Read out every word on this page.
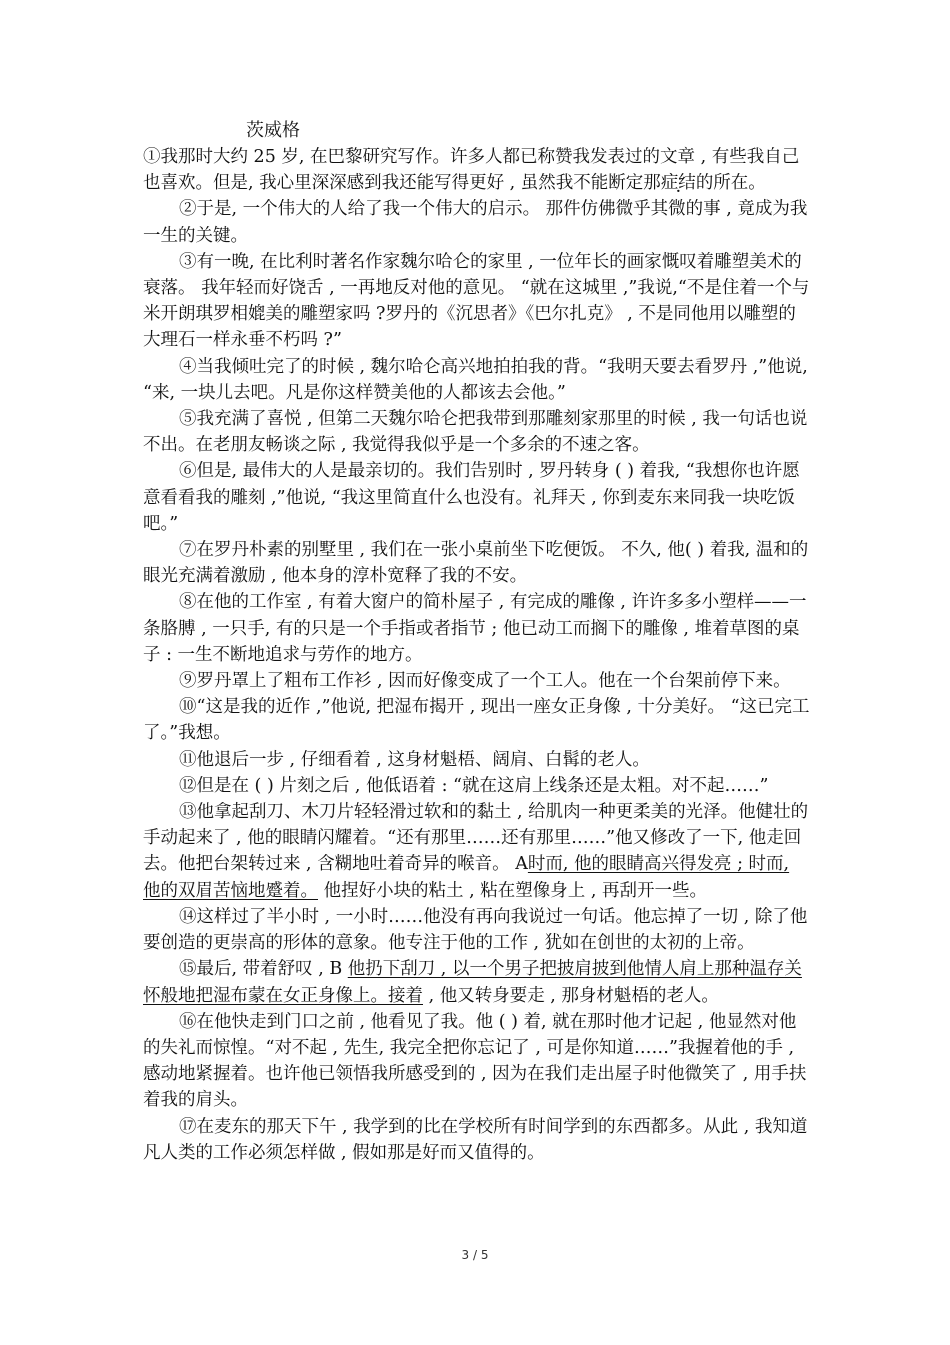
茨威格

①我那时大约 25 岁, 在巴黎研究写作。许多人都已称赞我发表过的文章 , 有些我自己也喜欢。但是, 我心里深深感到我还能写得更好 , 虽然我不能断定那症结的所在。

②于是, 一个伟大的人给了我一个伟大的启示。 那件仿佛微乎其微的事 , 竟成为我一生的关键。

③有一晚, 在比利时著名作家魏尔哈仑的家里 , 一位年长的画家慨叹着雕塑美术的衰落。 我年轻而好饶舌 , 一再地反对他的意见。 “就在这城里 ,”我说,“不是住着一个与米开朗琪罗相媲美的雕塑家吗 ?罗丹的《沉思者》《巴尔扎克》 , 不是同他用以雕塑的大理石一样永垂不朽吗 ?”

④当我倾吐完了的时候 , 魏尔哈仑高兴地拍拍我的背。“我明天要去看罗丹 ,”他说, “来, 一块儿去吧。凡是你这样赞美他的人都该去会他。”

⑤我充满了喜悦 , 但第二天魏尔哈仑把我带到那雕刻家那里的时候 , 我一句话也说不出。在老朋友畅谈之际 , 我觉得我似乎是一个多余的不速之客。

⑥但是, 最伟大的人是最亲切的。我们告别时 , 罗丹转身 ( ) 着我, “我想你也许愿意看看我的雕刻 ,”他说, “我这里简直什么也没有。礼拜天 , 你到麦东来同我一块吃饭吧。”

⑦在罗丹朴素的别墅里 , 我们在一张小桌前坐下吃便饭。 不久, 他( ) 着我, 温和的眼光充满着激励 , 他本身的淳朴宽释了我的不安。

⑧在他的工作室 , 有着大窗户的简朴屋子 , 有完成的雕像 , 许许多多小塑样——一条胳膊 , 一只手, 有的只是一个手指或者指节 ; 他已动工而搁下的雕像 , 堆着草图的桌子 : 一生不断地追求与劳作的地方。

⑨罗丹罩上了粗布工作衫 , 因而好像变成了一个工人。他在一个台架前停下来。

⑩“这是我的近作 ,”他说, 把湿布揭开 , 现出一座女正身像 , 十分美好。 “这已完工了。”我想。

⑪他退后一步 , 仔细看着 , 这身材魁梧、阔肩、白髯的老人。

⑫但是在 ( ) 片刻之后 , 他低语着 : “就在这肩上线条还是太粗。对不起……”

⑬他拿起刮刀、木刀片轻轻滑过软和的黏土 , 给肌肉一种更柔美的光泽。他健壮的手动起来了 , 他的眼睛闪耀着。“还有那里……还有那里……”他又修改了一下, 他走回去。他把台架转过来 , 含糊地吐着奇异的喉音。 A时而, 他的眼睛高兴得发亮 ; 时而, 他的双眉苦恼地蹙着。 他捏好小块的粘土 , 粘在塑像身上 , 再刮开一些。

⑭这样过了半小时 , 一小时……他没有再向我说过一句话。他忘掉了一切 , 除了他要创造的更崇高的形体的意象。他专注于他的工作 , 犹如在创世的太初的上帝。

⑮最后, 带着舒叹 , B 他扔下刮刀 , 以一个男子把披肩披到他情人肩上那种温存关怀般地把湿布蒙在女正身像上。接着 , 他又转身要走 , 那身材魁梧的老人。

⑯在他快走到门口之前 , 他看见了我。他 ( ) 着, 就在那时他才记起 , 他显然对他的失礼而惊惶。“对不起 , 先生, 我完全把你忘记了 , 可是你知道……”我握着他的手 , 感动地紧握着。也许他已领悟我所感受到的 , 因为在我们走出屋子时他微笑了 , 用手扶着我的肩头。

⑰在麦东的那天下午 , 我学到的比在学校所有时间学到的东西都多。从此 , 我知道凡人类的工作必须怎样做 , 假如那是好而又值得的。

3 / 5
